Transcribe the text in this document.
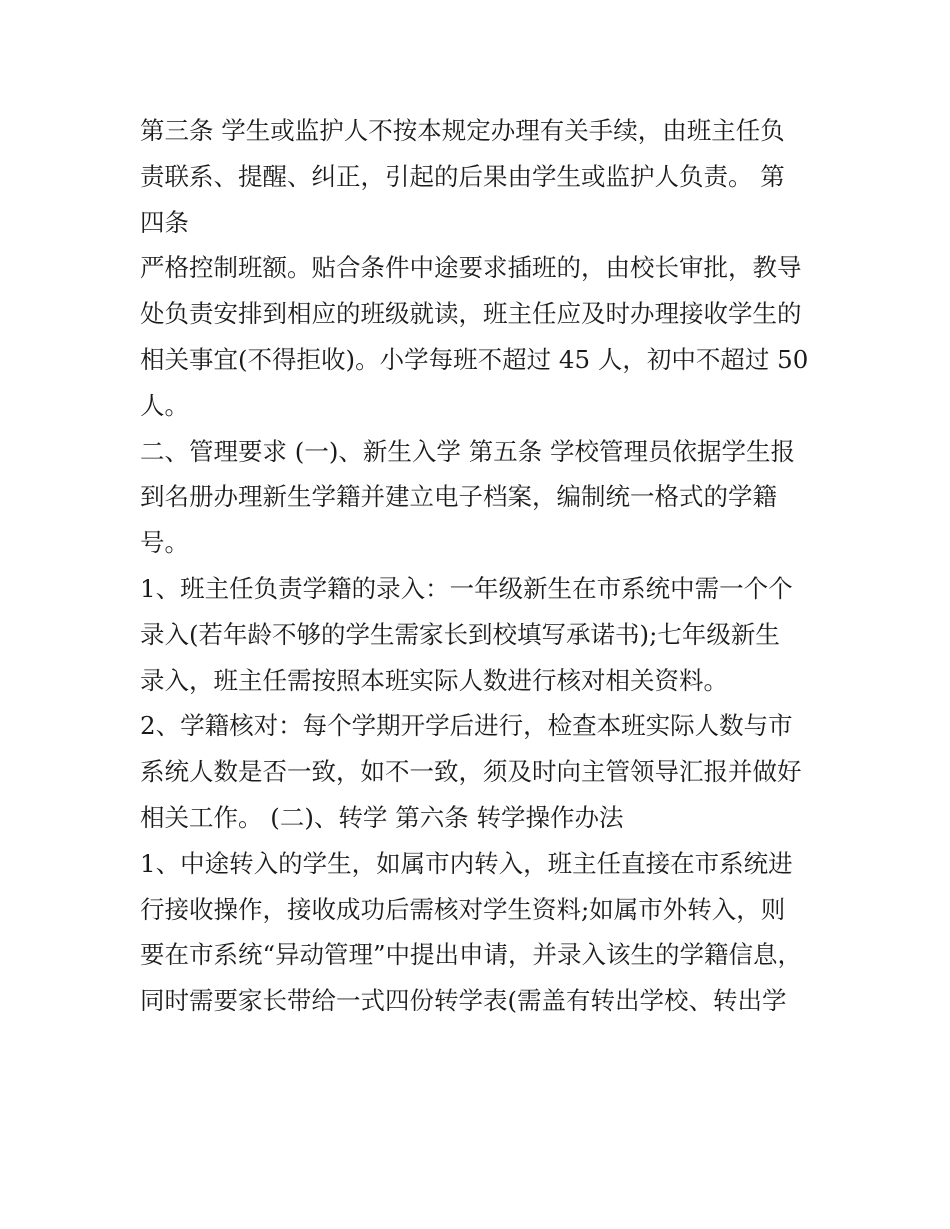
第三条 学生或监护人不按本规定办理有关手续，由班主任负
责联系、提醒、纠正，引起的后果由学生或监护人负责。 第
四条
严格控制班额。贴合条件中途要求插班的，由校长审批，教导
处负责安排到相应的班级就读，班主任应及时办理接收学生的
相关事宜(不得拒收)。小学每班不超过 45 人，初中不超过 50
人。
二、管理要求 (一)、新生入学 第五条 学校管理员依据学生报
到名册办理新生学籍并建立电子档案，编制统一格式的学籍
号。
1、班主任负责学籍的录入：一年级新生在市系统中需一个个
录入(若年龄不够的学生需家长到校填写承诺书);七年级新生
录入，班主任需按照本班实际人数进行核对相关资料。
2、学籍核对：每个学期开学后进行，检查本班实际人数与市
系统人数是否一致，如不一致，须及时向主管领导汇报并做好
相关工作。 (二)、转学 第六条 转学操作办法
1、中途转入的学生，如属市内转入，班主任直接在市系统进
行接收操作，接收成功后需核对学生资料;如属市外转入，则
要在市系统“异动管理”中提出申请，并录入该生的学籍信息，
同时需要家长带给一式四份转学表(需盖有转出学校、转出学
